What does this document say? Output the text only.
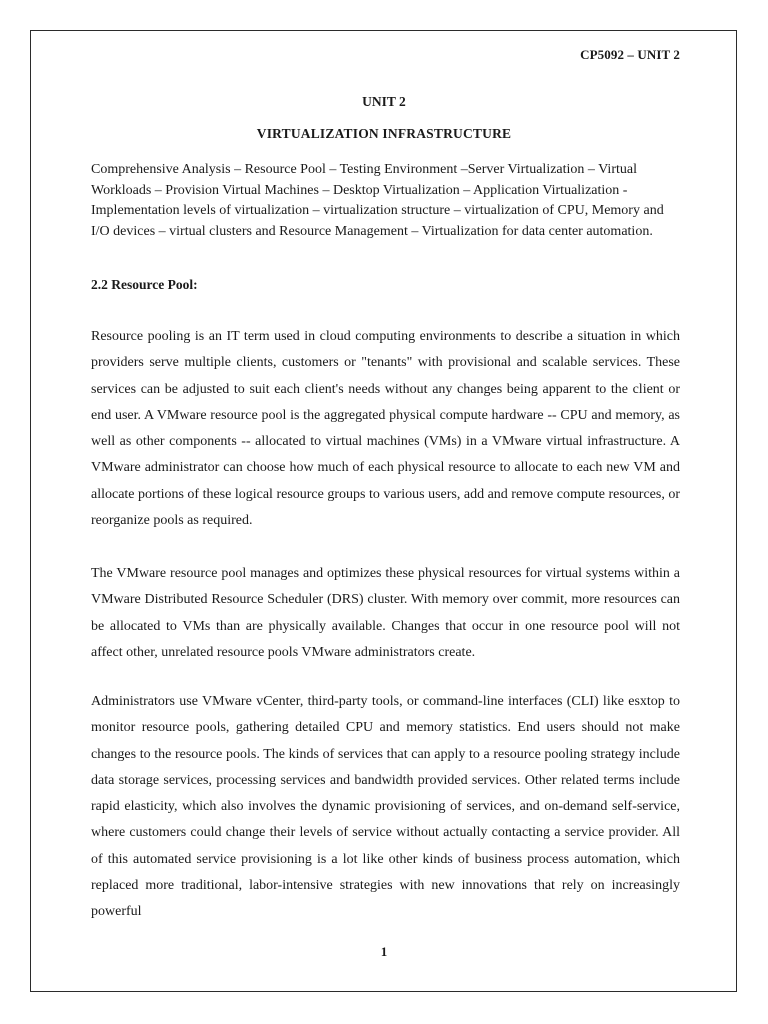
CP5092 – UNIT 2
UNIT 2
VIRTUALIZATION INFRASTRUCTURE

Comprehensive Analysis – Resource Pool – Testing Environment –Server Virtualization – Virtual Workloads – Provision Virtual Machines – Desktop Virtualization – Application Virtualization - Implementation levels of virtualization – virtualization structure – virtualization of CPU, Memory and I/O devices – virtual clusters and Resource Management – Virtualization for data center automation.

2.2 Resource Pool:

Resource pooling is an IT term used in cloud computing environments to describe a situation in which providers serve multiple clients, customers or "tenants" with provisional and scalable services. These services can be adjusted to suit each client's needs without any changes being apparent to the client or end user. A VMware resource pool is the aggregated physical compute hardware -- CPU and memory, as well as other components -- allocated to virtual machines (VMs) in a VMware virtual infrastructure. A VMware administrator can choose how much of each physical resource to allocate to each new VM and allocate portions of these logical resource groups to various users, add and remove compute resources, or reorganize pools as required.

The VMware resource pool manages and optimizes these physical resources for virtual systems within a VMware Distributed Resource Scheduler (DRS) cluster. With memory over commit, more resources can be allocated to VMs than are physically available. Changes that occur in one resource pool will not affect other, unrelated resource pools VMware administrators create.

Administrators use VMware vCenter, third-party tools, or command-line interfaces (CLI) like esxtop to monitor resource pools, gathering detailed CPU and memory statistics. End users should not make changes to the resource pools. The kinds of services that can apply to a resource pooling strategy include data storage services, processing services and bandwidth provided services. Other related terms include rapid elasticity, which also involves the dynamic provisioning of services, and on-demand self-service, where customers could change their levels of service without actually contacting a service provider. All of this automated service provisioning is a lot like other kinds of business process automation, which replaced more traditional, labor-intensive strategies with new innovations that rely on increasingly powerful

1
